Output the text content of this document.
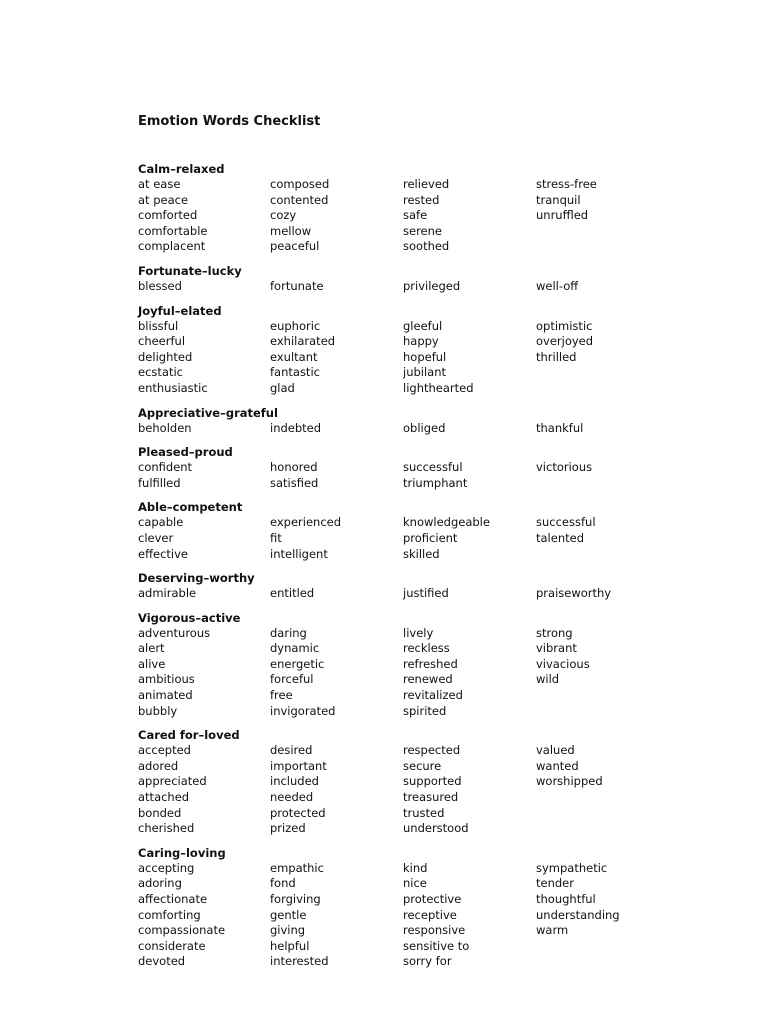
Emotion Words Checklist
Calm–relaxed
at ease	composed	relieved	stress-free
at peace	contented	rested	tranquil
comforted	cozy	safe	unruffled
comfortable	mellow	serene
complacent	peaceful	soothed
Fortunate–lucky
blessed	fortunate	privileged	well-off
Joyful–elated
blissful	euphoric	gleeful	optimistic
cheerful	exhilarated	happy	overjoyed
delighted	exultant	hopeful	thrilled
ecstatic	fantastic	jubilant
enthusiastic	glad	lighthearted
Appreciative–grateful
beholden	indebted	obliged	thankful
Pleased–proud
confident	honored	successful	victorious
fulfilled	satisfied	triumphant
Able–competent
capable	experienced	knowledgeable	successful
clever	fit	proficient	talented
effective	intelligent	skilled
Deserving–worthy
admirable	entitled	justified	praiseworthy
Vigorous–active
adventurous	daring	lively	strong
alert	dynamic	reckless	vibrant
alive	energetic	refreshed	vivacious
ambitious	forceful	renewed	wild
animated	free	revitalized
bubbly	invigorated	spirited
Cared for–loved
accepted	desired	respected	valued
adored	important	secure	wanted
appreciated	included	supported	worshipped
attached	needed	treasured
bonded	protected	trusted
cherished	prized	understood
Caring–loving
accepting	empathic	kind	sympathetic
adoring	fond	nice	tender
affectionate	forgiving	protective	thoughtful
comforting	gentle	receptive	understanding
compassionate	giving	responsive	warm
considerate	helpful	sensitive to
devoted	interested	sorry for
